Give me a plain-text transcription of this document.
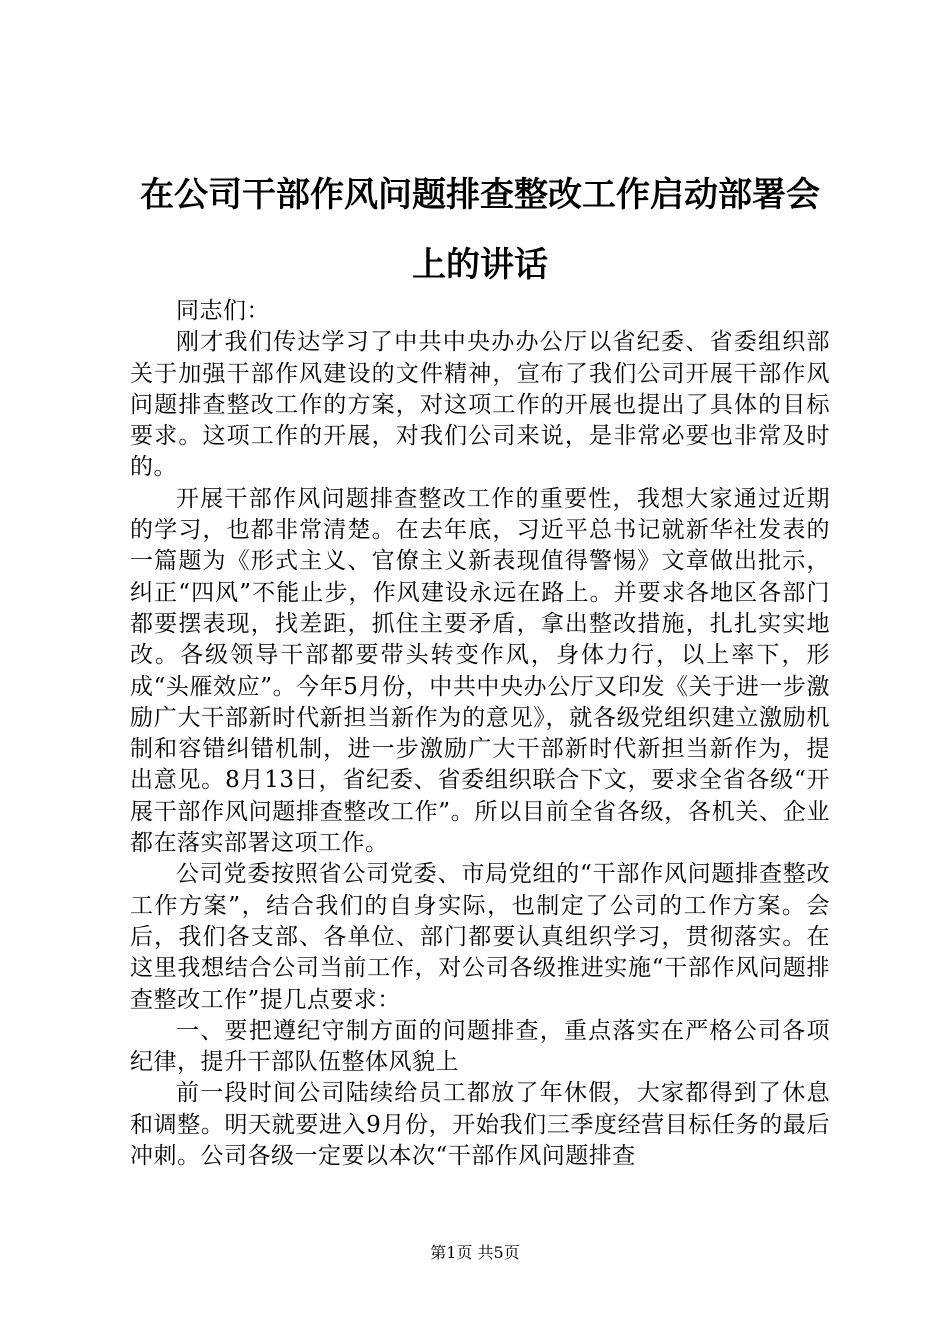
在公司干部作风问题排查整改工作启动部署会
上的讲话

同志们：

刚才我们传达学习了中共中央办办公厅以省纪委、省委组织部关于加强干部作风建设的文件精神，宣布了我们公司开展干部作风问题排查整改工作的方案，对这项工作的开展也提出了具体的目标要求。这项工作的开展，对我们公司来说，是非常必要也非常及时的。

开展干部作风问题排查整改工作的重要性，我想大家通过近期的学习，也都非常清楚。在去年底，习近平总书记就新华社发表的一篇题为《形式主义、官僚主义新表现值得警惕》文章做出批示，纠正“四风”不能止步，作风建设永远在路上。并要求各地区各部门都要摆表现，找差距，抓住主要矛盾，拿出整改措施，扎扎实实地改。各级领导干部都要带头转变作风，身体力行，以上率下，形成“头雁效应”。今年5月份，中共中央办公厅又印发《关于进一步激励广大干部新时代新担当新作为的意见》，就各级党组织建立激励机制和容错纠错机制，进一步激励广大干部新时代新担当新作为，提出意见。8月13日，省纪委、省委组织联合下文，要求全省各级“开展干部作风问题排查整改工作”。所以目前全省各级，各机关、企业都在落实部署这项工作。

公司党委按照省公司党委、市局党组的“干部作风问题排查整改工作方案”，结合我们的自身实际，也制定了公司的工作方案。会后，我们各支部、各单位、部门都要认真组织学习，贯彻落实。在这里我想结合公司当前工作，对公司各级推进实施“干部作风问题排查整改工作”提几点要求：

一、要把遵纪守制方面的问题排查，重点落实在严格公司各项纪律，提升干部队伍整体风貌上

前一段时间公司陆续给员工都放了年休假，大家都得到了休息和调整。明天就要进入9月份，开始我们三季度经营目标任务的最后冲刺。公司各级一定要以本次“干部作风问题排查

第1页 共5页
